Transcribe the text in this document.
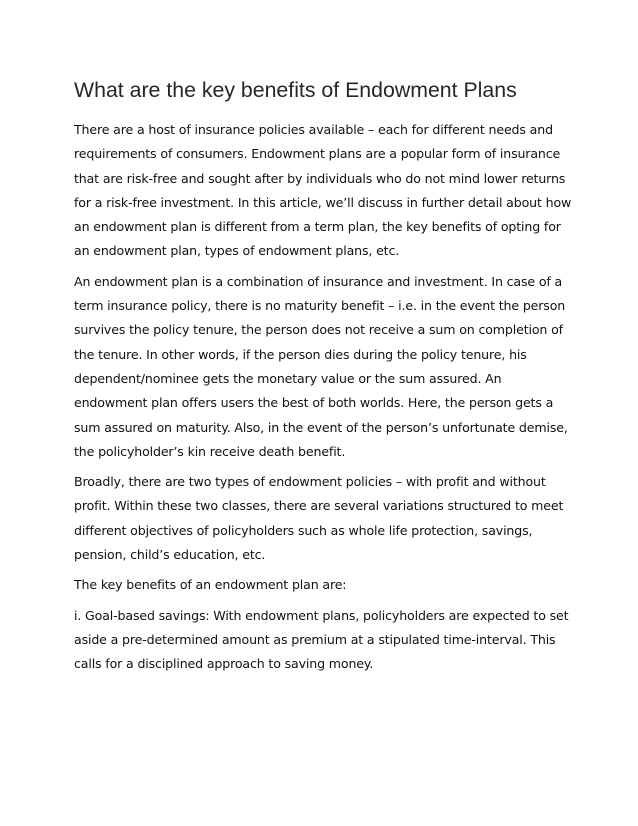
What are the key benefits of Endowment Plans

There are a host of insurance policies available – each for different needs and requirements of consumers. Endowment plans are a popular form of insurance that are risk-free and sought after by individuals who do not mind lower returns for a risk-free investment. In this article, we’ll discuss in further detail about how an endowment plan is different from a term plan, the key benefits of opting for an endowment plan, types of endowment plans, etc.

An endowment plan is a combination of insurance and investment. In case of a term insurance policy, there is no maturity benefit – i.e. in the event the person survives the policy tenure, the person does not receive a sum on completion of the tenure. In other words, if the person dies during the policy tenure, his dependent/nominee gets the monetary value or the sum assured. An endowment plan offers users the best of both worlds. Here, the person gets a sum assured on maturity. Also, in the event of the person’s unfortunate demise, the policyholder’s kin receive death benefit.

Broadly, there are two types of endowment policies – with profit and without profit. Within these two classes, there are several variations structured to meet different objectives of policyholders such as whole life protection, savings, pension, child’s education, etc.

The key benefits of an endowment plan are:

i. Goal-based savings: With endowment plans, policyholders are expected to set aside a pre-determined amount as premium at a stipulated time-interval. This calls for a disciplined approach to saving money.
